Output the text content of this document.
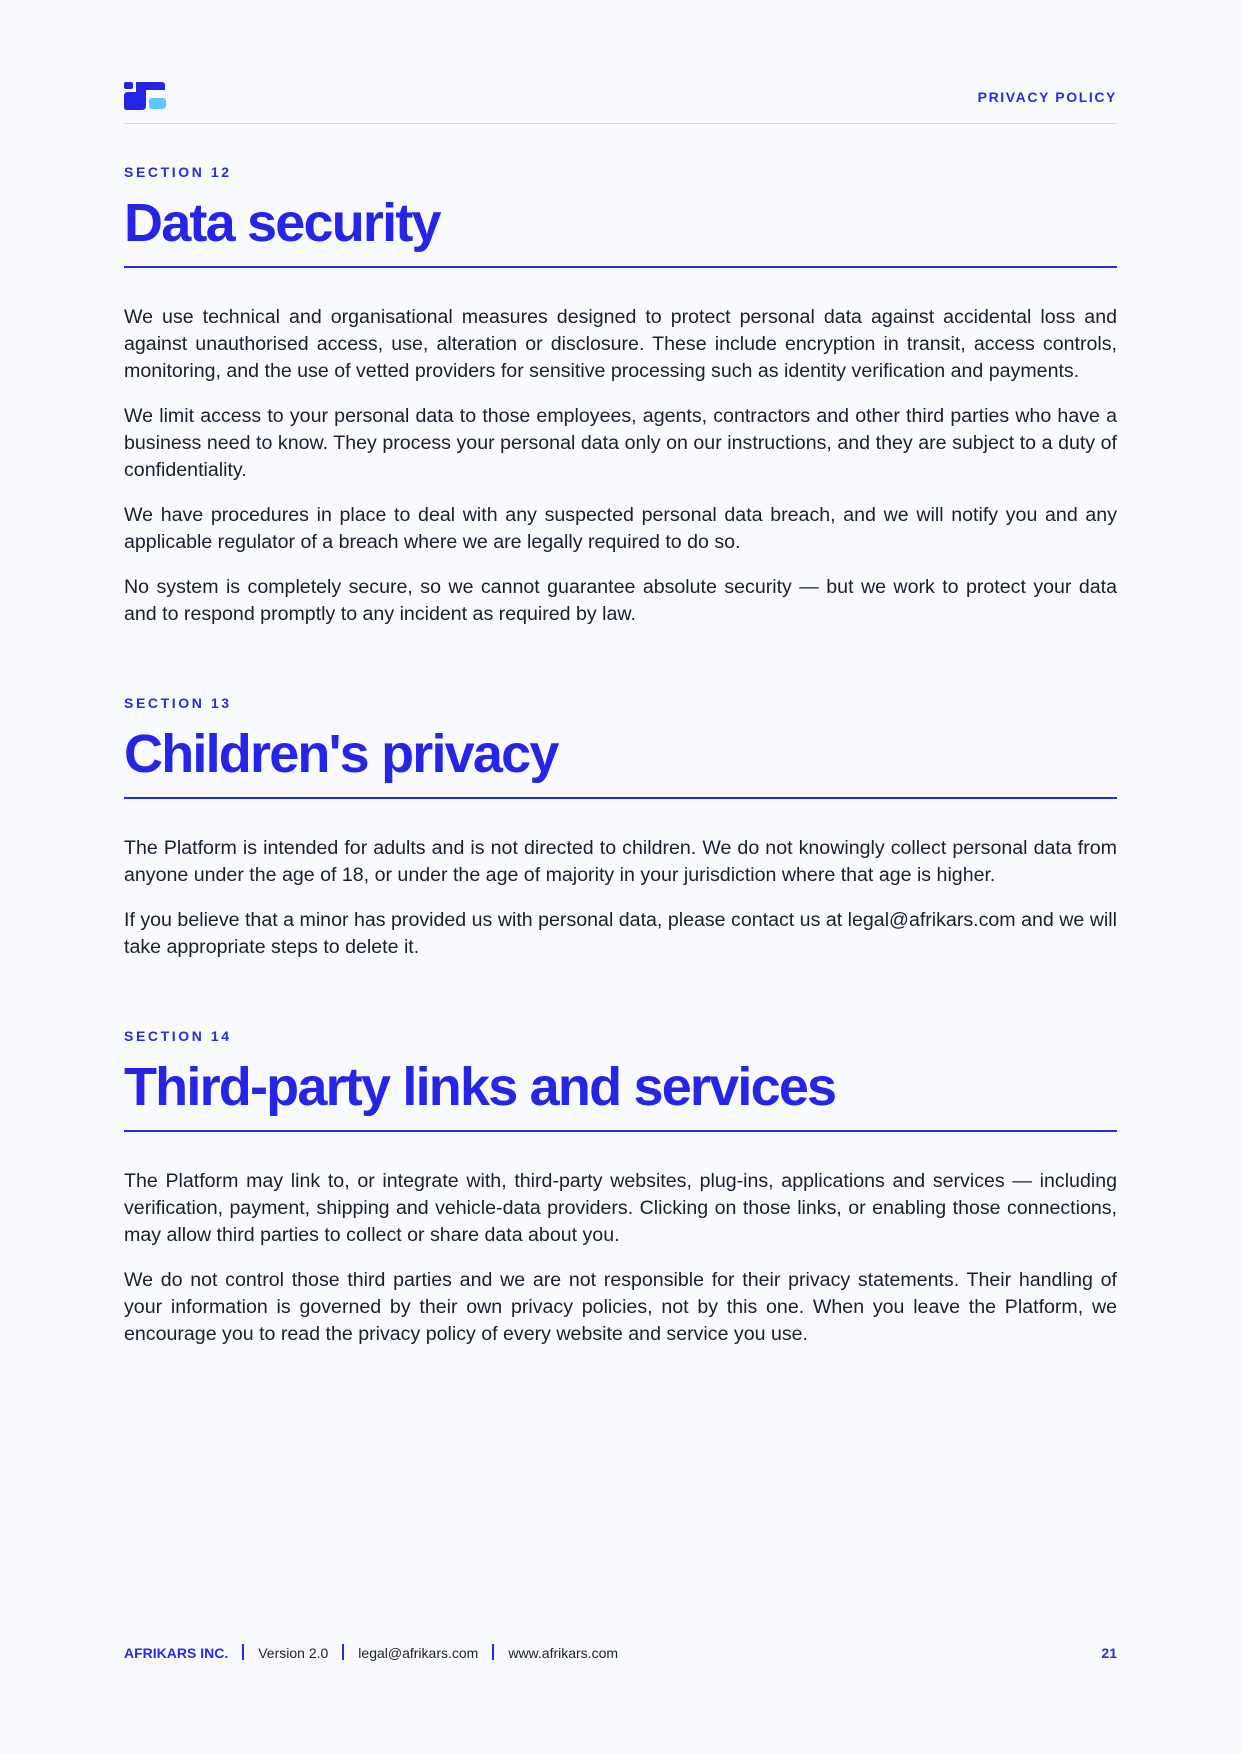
PRIVACY POLICY

SECTION 12

Data security

We use technical and organisational measures designed to protect personal data against accidental loss and against unauthorised access, use, alteration or disclosure. These include encryption in transit, access controls, monitoring, and the use of vetted providers for sensitive processing such as identity verification and payments.

We limit access to your personal data to those employees, agents, contractors and other third parties who have a business need to know. They process your personal data only on our instructions, and they are subject to a duty of confidentiality.

We have procedures in place to deal with any suspected personal data breach, and we will notify you and any applicable regulator of a breach where we are legally required to do so.

No system is completely secure, so we cannot guarantee absolute security — but we work to protect your data and to respond promptly to any incident as required by law.

SECTION 13

Children's privacy

The Platform is intended for adults and is not directed to children. We do not knowingly collect personal data from anyone under the age of 18, or under the age of majority in your jurisdiction where that age is higher.

If you believe that a minor has provided us with personal data, please contact us at legal@afrikars.com and we will take appropriate steps to delete it.

SECTION 14

Third-party links and services

The Platform may link to, or integrate with, third-party websites, plug-ins, applications and services — including verification, payment, shipping and vehicle-data providers. Clicking on those links, or enabling those connections, may allow third parties to collect or share data about you.

We do not control those third parties and we are not responsible for their privacy statements. Their handling of your information is governed by their own privacy policies, not by this one. When you leave the Platform, we encourage you to read the privacy policy of every website and service you use.

AFRIKARS INC. Version 2.0 legal@afrikars.com www.afrikars.com	21
